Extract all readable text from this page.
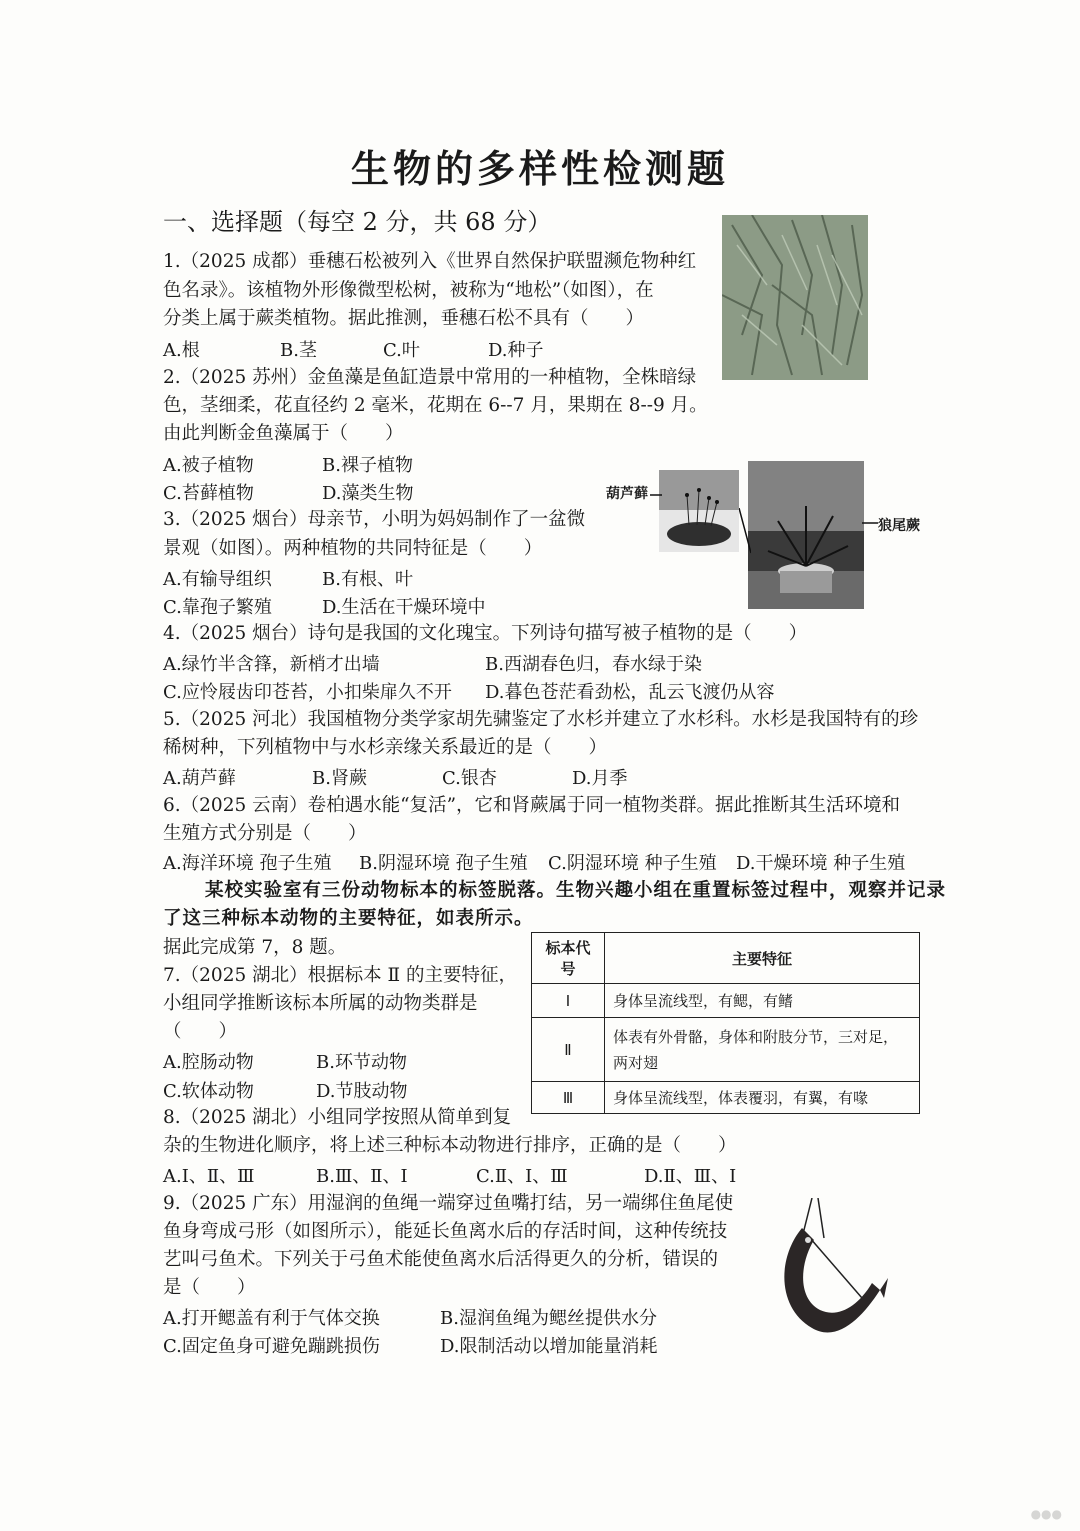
生物的多样性检测题
一、选择题（每空 2 分，共 68 分）
1.（2025 成都）垂穗石松被列入《世界自然保护联盟濒危物种红
色名录》。该植物外形像微型松树，被称为“地松”（如图），在
分类上属于蕨类植物。据此推测，垂穗石松不具有（　　）
A.根	B.茎	C.叶	D.种子
2.（2025 苏州）金鱼藻是鱼缸造景中常用的一种植物，全株暗绿
色，茎细柔，花直径约 2 毫米，花期在 6--7 月，果期在 8--9 月。
由此判断金鱼藻属于（　　）
A.被子植物	B.裸子植物
C.苔藓植物	D.藻类生物
3.（2025 烟台）母亲节，小明为妈妈制作了一盆微
景观（如图）。两种植物的共同特征是（　　）
A.有输导组织	B.有根、叶
C.靠孢子繁殖	D.生活在干燥环境中
葫芦藓
狼尾蕨
4.（2025 烟台）诗句是我国的文化瑰宝。下列诗句描写被子植物的是（　　）
A.绿竹半含箨，新梢才出墙	B.西湖春色归，春水绿于染
C.应怜屐齿印苍苔，小扣柴扉久不开 D.暮色苍茫看劲松，乱云飞渡仍从容
5.（2025 河北）我国植物分类学家胡先骕鉴定了水杉并建立了水杉科。水杉是我国特有的珍
稀树种，下列植物中与水杉亲缘关系最近的是（　　）
A.葫芦藓	B.肾蕨	C.银杏	D.月季
6.（2025 云南）卷柏遇水能“复活”，它和肾蕨属于同一植物类群。据此推断其生活环境和
生殖方式分别是（　　）
A.海洋环境 孢子生殖 B.阴湿环境 孢子生殖 C.阴湿环境 种子生殖 D.干燥环境 种子生殖
某校实验室有三份动物标本的标签脱落。生物兴趣小组在重置标签过程中，观察并记录
了这三种标本动物的主要特征，如表所示。
据此完成第 7，8 题。	标本代号	主要特征
Ⅰ	身体呈流线型，有鳃，有鳍
Ⅱ	体表有外骨骼，身体和附肢分节，三对足，两对翅
Ⅲ	身体呈流线型，体表覆羽，有翼，有喙
7.（2025 湖北）根据标本 Ⅱ 的主要特征，
小组同学推断该标本所属的动物类群是
（　　）
A.腔肠动物	B.环节动物
C.软体动物	D.节肢动物
8.（2025 湖北）小组同学按照从简单到复
杂的生物进化顺序，将上述三种标本动物进行排序，正确的是（　　）
A.Ⅰ、Ⅱ、Ⅲ	B.Ⅲ、Ⅱ、Ⅰ	C.Ⅱ、Ⅰ、Ⅲ	D.Ⅱ、Ⅲ、Ⅰ
9.（2025 广东）用湿润的鱼绳一端穿过鱼嘴打结，另一端绑住鱼尾使
鱼身弯成弓形（如图所示），能延长鱼离水后的存活时间，这种传统技
艺叫弓鱼术。下列关于弓鱼术能使鱼离水后活得更久的分析，错误的
是（　　）
A.打开鳃盖有利于气体交换	B.湿润鱼绳为鳃丝提供水分
C.固定鱼身可避免蹦跳损伤	D.限制活动以增加能量消耗
●●●
